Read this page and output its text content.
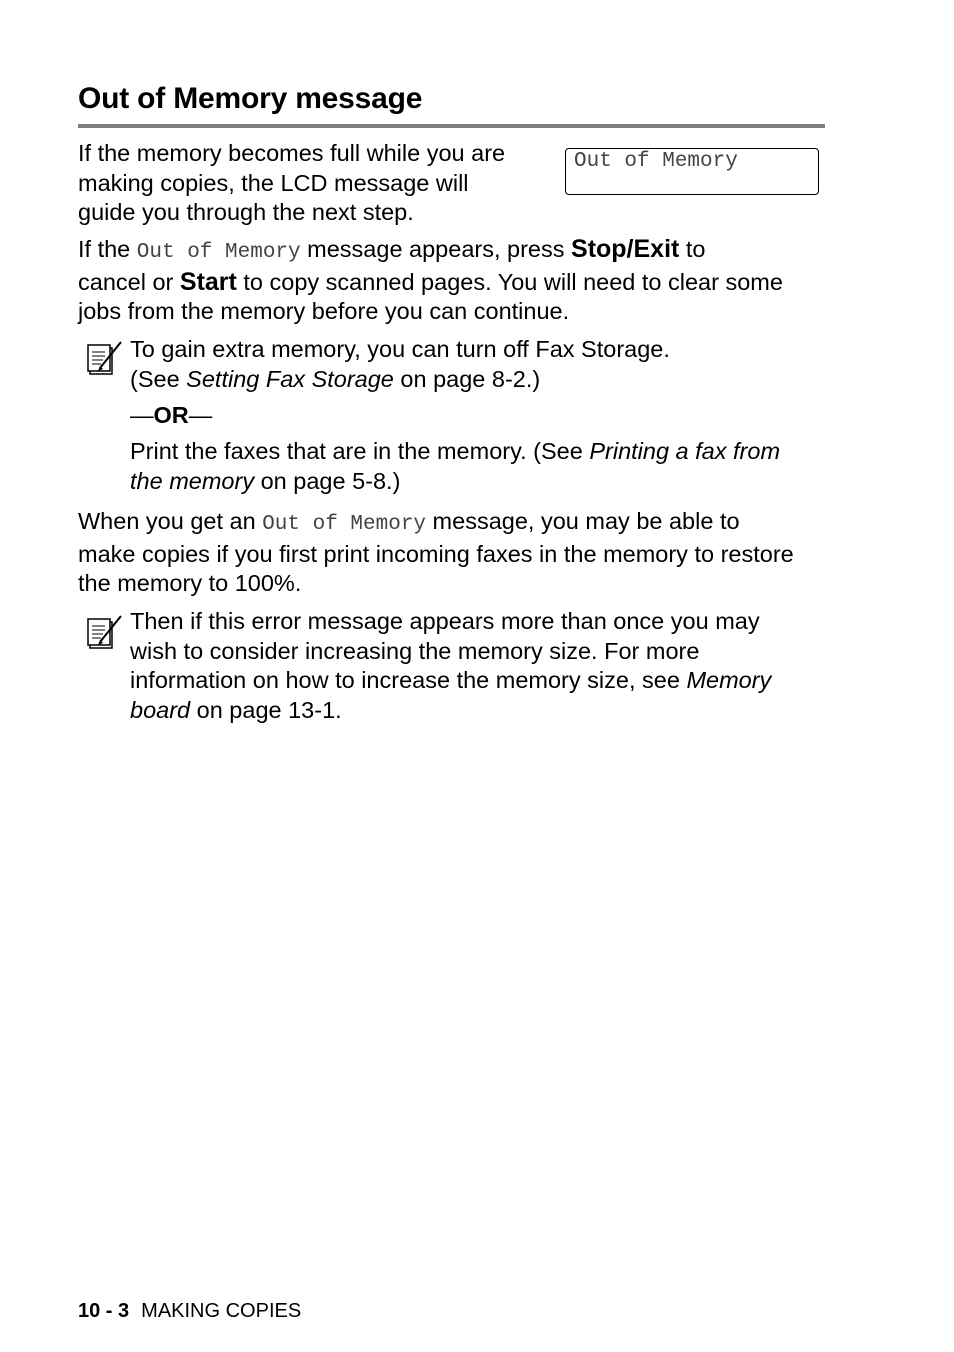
Out of Memory message

If the memory becomes full while you are
making copies, the LCD message will
guide you through the next step.

Out of Memory

If the Out of Memory message appears, press Stop/Exit to
cancel or Start to copy scanned pages. You will need to clear some
jobs from the memory before you can continue.

To gain extra memory, you can turn off Fax Storage.
(See Setting Fax Storage on page 8-2.)

—OR—

Print the faxes that are in the memory. (See Printing a fax from
the memory on page 5-8.)

When you get an Out of Memory message, you may be able to
make copies if you first print incoming faxes in the memory to restore
the memory to 100%.

Then if this error message appears more than once you may
wish to consider increasing the memory size. For more
information on how to increase the memory size, see Memory
board on page 13-1.

10 - 3 MAKING COPIES
